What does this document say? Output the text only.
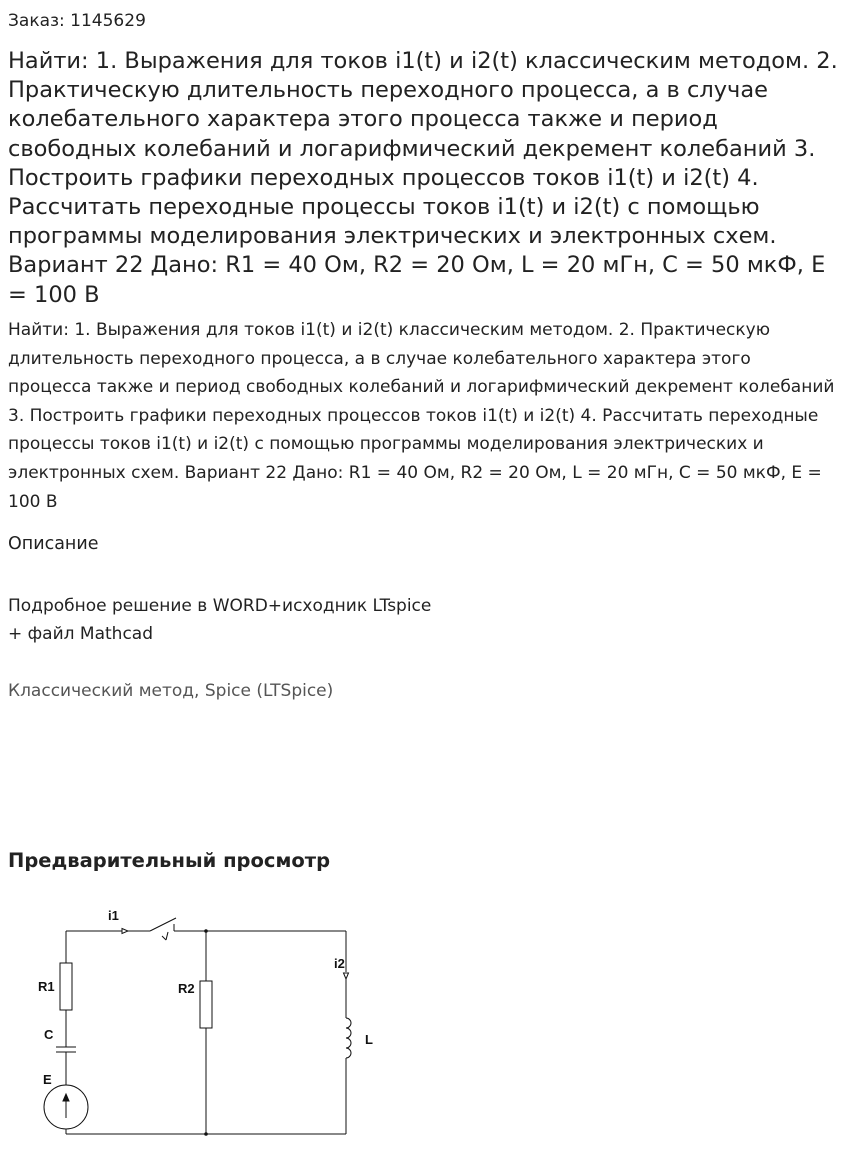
Заказ: 1145629

Найти: 1. Выражения для токов i1(t) и i2(t) классическим методом. 2. Практическую длительность переходного процесса, а в случае колебательного характера этого процесса также и период свободных колебаний и логарифмический декремент колебаний 3. Построить графики переходных процессов токов i1(t) и i2(t) 4. Рассчитать переходные процессы токов i1(t) и i2(t) с помощью программы моделирования электрических и электронных схем. Вариант 22 Дано: R1 = 40 Ом, R2 = 20 Ом, L = 20 мГн, C = 50 мкФ, E = 100 В

Найти: 1. Выражения для токов i1(t) и i2(t) классическим методом. 2. Практическую длительность переходного процесса, а в случае колебательного характера этого процесса также и период свободных колебаний и логарифмический декремент колебаний 3. Построить графики переходных процессов токов i1(t) и i2(t) 4. Рассчитать переходные процессы токов i1(t) и i2(t) с помощью программы моделирования электрических и электронных схем. Вариант 22 Дано: R1 = 40 Ом, R2 = 20 Ом, L = 20 мГн, C = 50 мкФ, E = 100 В

Описание

Подробное решение в WORD+исходник LTspice

+ файл Mathcad

Классический метод, Spice (LTSpice)

Предварительный просмотр
i1
i2
R1	R2
C
E
L
